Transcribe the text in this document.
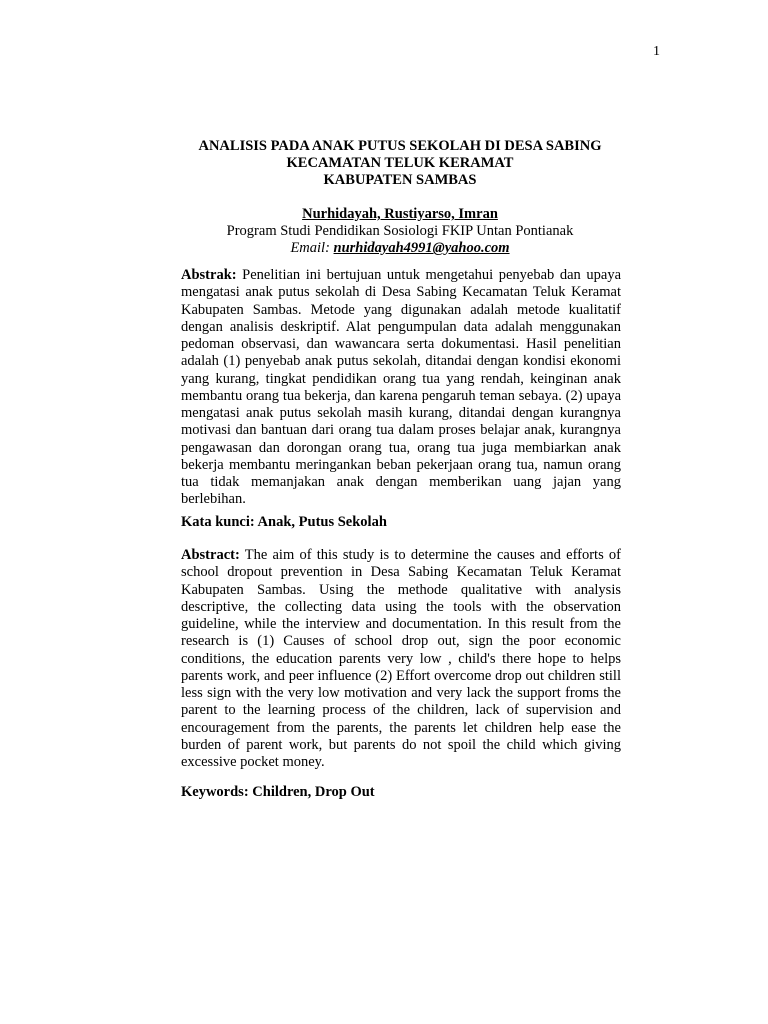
1
ANALISIS PADA ANAK PUTUS SEKOLAH DI DESA SABING
KECAMATAN TELUK KERAMAT
KABUPATEN SAMBAS
Nurhidayah, Rustiyarso, Imran
Program Studi Pendidikan Sosiologi FKIP Untan Pontianak
Email: nurhidayah4991@yahoo.com
Abstrak: Penelitian ini bertujuan untuk mengetahui penyebab dan upaya mengatasi anak putus sekolah di Desa Sabing Kecamatan Teluk Keramat Kabupaten Sambas. Metode yang digunakan adalah metode kualitatif dengan analisis deskriptif. Alat pengumpulan data adalah menggunakan pedoman observasi, dan wawancara serta dokumentasi. Hasil penelitian adalah (1) penyebab anak putus sekolah, ditandai dengan kondisi ekonomi yang kurang, tingkat pendidikan orang tua yang rendah, keinginan anak membantu orang tua bekerja, dan karena pengaruh teman sebaya. (2) upaya mengatasi anak putus sekolah masih kurang, ditandai dengan kurangnya motivasi dan bantuan dari orang tua dalam proses belajar anak, kurangnya pengawasan dan dorongan orang tua, orang tua juga membiarkan anak bekerja membantu meringankan beban pekerjaan orang tua, namun orang tua tidak memanjakan anak dengan memberikan uang jajan yang berlebihan.
Kata kunci: Anak, Putus Sekolah
Abstract: The aim of this study is to determine the causes and efforts of school dropout prevention in Desa Sabing Kecamatan Teluk Keramat Kabupaten Sambas. Using the methode qualitative with analysis descriptive, the collecting data using the tools with the observation guideline, while the interview and documentation. In this result from the research is (1) Causes of school drop out, sign the poor economic conditions, the education parents very low , child's there hope to helps parents work, and peer influence (2) Effort overcome drop out children still less sign with the very low motivation and very lack the support froms the parent to the learning process of the children, lack of supervision and encouragement from the parents, the parents let children help ease the burden of parent work, but parents do not spoil the child which giving excessive pocket money.
Keywords: Children, Drop Out
